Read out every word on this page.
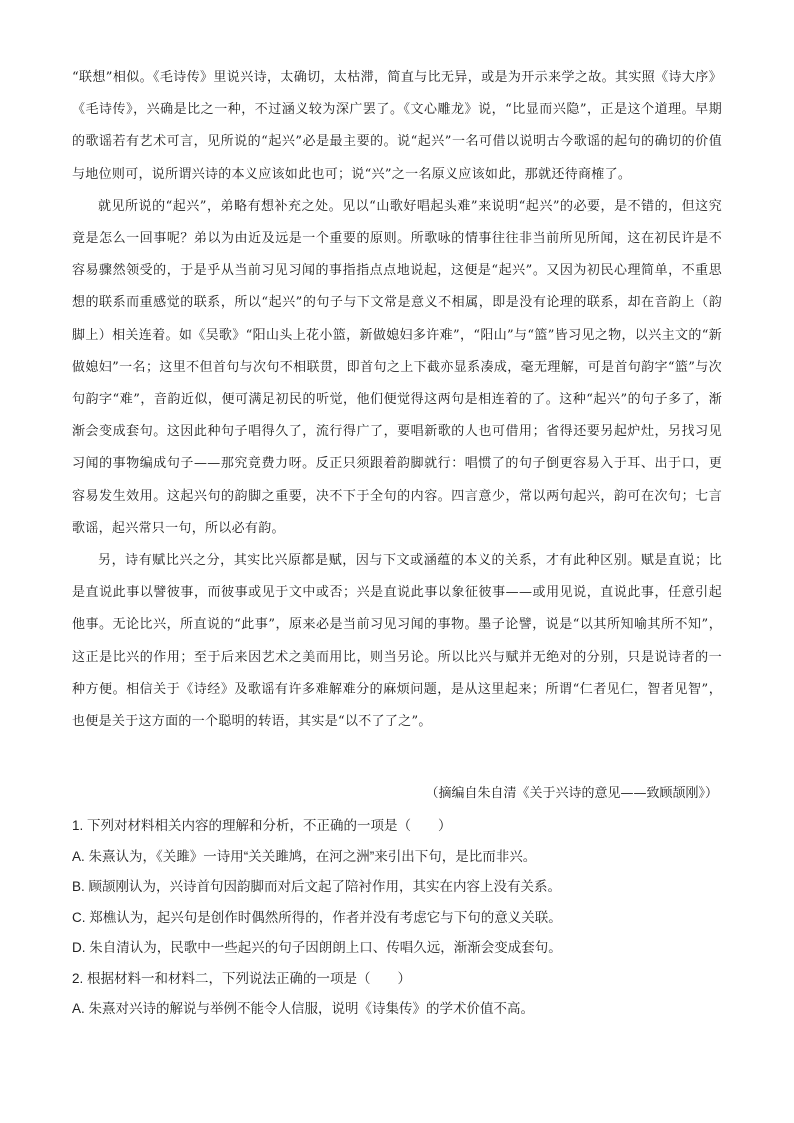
“联想”相似。《毛诗传》里说兴诗，太确切，太枯滞，简直与比无异，或是为开示来学之故。其实照《诗大序》《毛诗传》，兴确是比之一种，不过涵义较为深广罢了。《文心雕龙》说，“比显而兴隐”，正是这个道理。早期的歌谣若有艺术可言，见所说的“起兴”必是最主要的。说“起兴”一名可借以说明古今歌谣的起句的确切的价值与地位则可，说所谓兴诗的本义应该如此也可；说“兴”之一名原义应该如此，那就还待商榷了。

就见所说的“起兴”，弟略有想补充之处。见以“山歌好唱起头难”来说明“起兴”的必要，是不错的，但这究竟是怎么一回事呢？弟以为由近及远是一个重要的原则。所歌咏的情事往往非当前所见所闻，这在初民许是不容易骤然领受的，于是乎从当前习见习闻的事指指点点地说起，这便是“起兴”。又因为初民心理简单，不重思想的联系而重感觉的联系，所以“起兴”的句子与下文常是意义不相属，即是没有论理的联系，却在音韵上（韵脚上）相关连着。如《吴歌》“阳山头上花小篮，新做媳妇多许难”，“阳山”与“篮”皆习见之物，以兴主文的“新做媳妇”一名；这里不但首句与次句不相联贯，即首句之上下截亦显系凑成，毫无理解，可是首句韵字“篮”与次句韵字“难”，音韵近似，便可满足初民的听觉，他们便觉得这两句是相连着的了。这种“起兴”的句子多了，渐渐会变成套句。这因此种句子唱得久了，流行得广了，要唱新歌的人也可借用；省得还要另起炉灶，另找习见习闻的事物编成句子——那究竟费力呀。反正只须跟着韵脚就行：唱惯了的句子倒更容易入于耳、出于口，更容易发生效用。这起兴句的韵脚之重要，决不下于全句的内容。四言意少，常以两句起兴，韵可在次句；七言歌谣，起兴常只一句，所以必有韵。

另，诗有赋比兴之分，其实比兴原都是赋，因与下文或涵蕴的本义的关系，才有此种区别。赋是直说；比是直说此事以譬彼事，而彼事或见于文中或否；兴是直说此事以象征彼事——或用见说，直说此事，任意引起他事。无论比兴，所直说的“此事”，原来必是当前习见习闻的事物。墨子论譬，说是“以其所知喻其所不知”，这正是比兴的作用；至于后来因艺术之美而用比，则当另论。所以比兴与赋并无绝对的分别，只是说诗者的一种方便。相信关于《诗经》及歌谣有许多难解难分的麻烦问题，是从这里起来；所谓“仁者见仁，智者见智”，也便是关于这方面的一个聪明的转语，其实是“以不了了之”。

（摘编自朱自清《关于兴诗的意见——致顾颉刚》）
1. 下列对材料相关内容的理解和分析，不正确的一项是（　　）
A. 朱熹认为，《关雎》一诗用“关关雎鸠，在河之洲”来引出下句，是比而非兴。
B. 顾颉刚认为，兴诗首句因韵脚而对后文起了陪衬作用，其实在内容上没有关系。
C. 郑樵认为，起兴句是创作时偶然所得的，作者并没有考虑它与下句的意义关联。
D. 朱自清认为，民歌中一些起兴的句子因朗朗上口、传唱久远，渐渐会变成套句。
2. 根据材料一和材料二，下列说法正确的一项是（　　）
A. 朱熹对兴诗的解说与举例不能令人信服，说明《诗集传》的学术价值不高。
